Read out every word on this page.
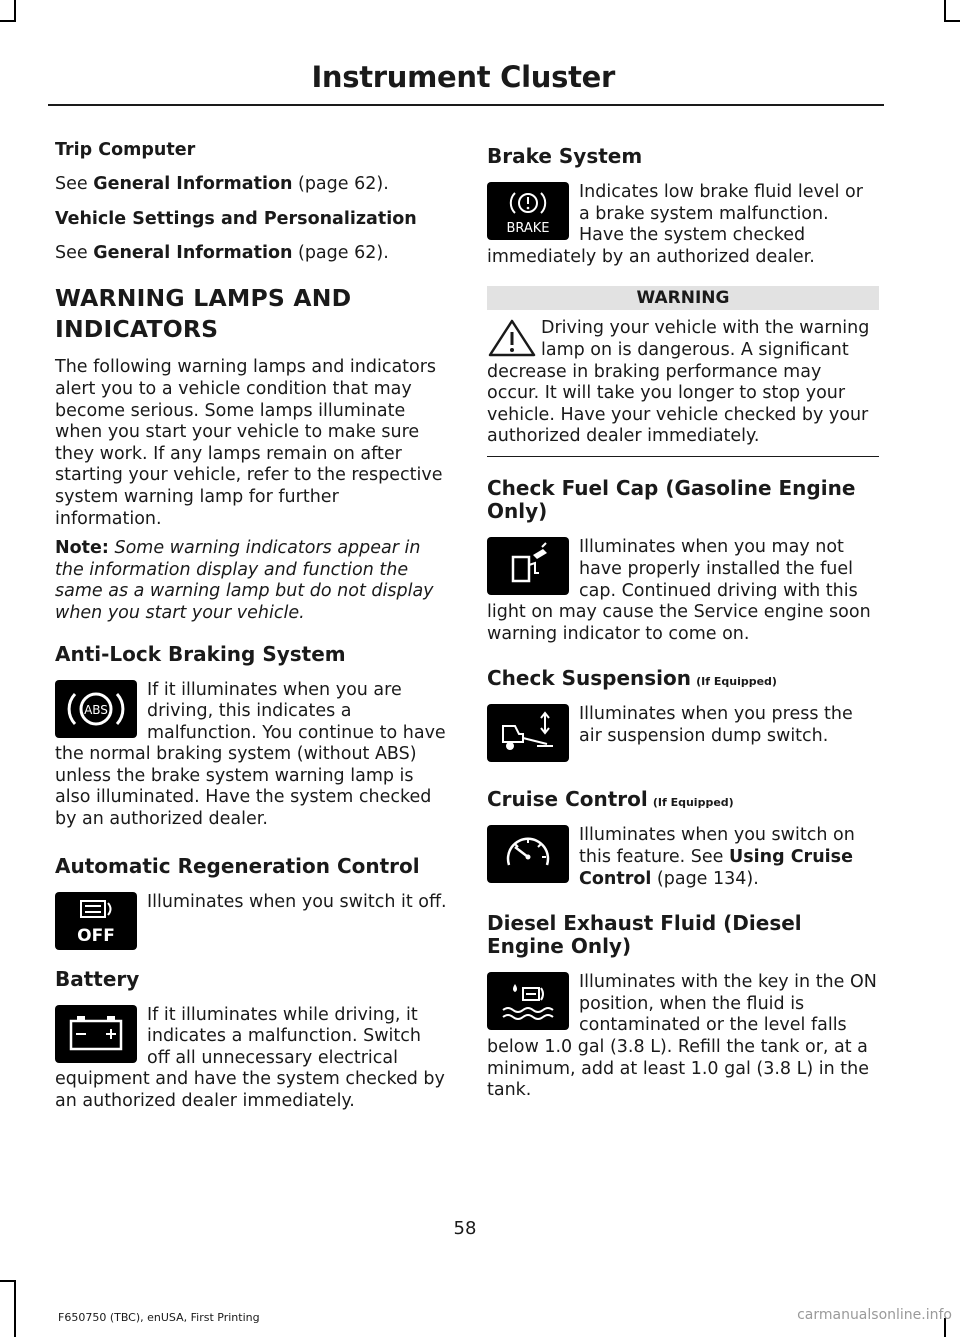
Instrument Cluster

Trip Computer

See General Information (page 62).

Vehicle Settings and Personalization

See General Information (page 62).

WARNING LAMPS AND
INDICATORS

The following warning lamps and indicators alert you to a vehicle condition that may become serious. Some lamps illuminate when you start your vehicle to make sure they work. If any lamps remain on after starting your vehicle, refer to the respective system warning lamp for further information.

Note: Some warning indicators appear in the information display and function the same as a warning lamp but do not display when you start your vehicle.

Anti-Lock Braking System
ABS

If it illuminates when you are driving, this indicates a malfunction. You continue to have the normal braking system (without ABS) unless the brake system warning lamp is also illuminated. Have the system checked by an authorized dealer.

Automatic Regeneration Control
OFF

Illuminates when you switch it off.

Battery

If it illuminates while driving, it indicates a malfunction. Switch off all unnecessary electrical equipment and have the system checked by an authorized dealer immediately.

Brake System
BRAKE

Indicates low brake fluid level or a brake system malfunction. Have the system checked immediately by an authorized dealer.

WARNING

Driving your vehicle with the warning lamp on is dangerous. A significant decrease in braking performance may occur. It will take you longer to stop your vehicle. Have your vehicle checked by your authorized dealer immediately.

Check Fuel Cap (Gasoline Engine Only)

Illuminates when you may not have properly installed the fuel cap. Continued driving with this light on may cause the Service engine soon warning indicator to come on.

Check Suspension (If Equipped)

Illuminates when you press the air suspension dump switch.

Cruise Control (If Equipped)

Illuminates when you switch on this feature. See Using Cruise Control (page 134).

Diesel Exhaust Fluid (Diesel Engine Only)

Illuminates with the key in the ON position, when the fluid is contaminated or the level falls below 1.0 gal (3.8 L). Refill the tank or, at a minimum, add at least 1.0 gal (3.8 L) in the tank.

58
F650750 (TBC), enUSA, First Printing	carmanualsonline.info
